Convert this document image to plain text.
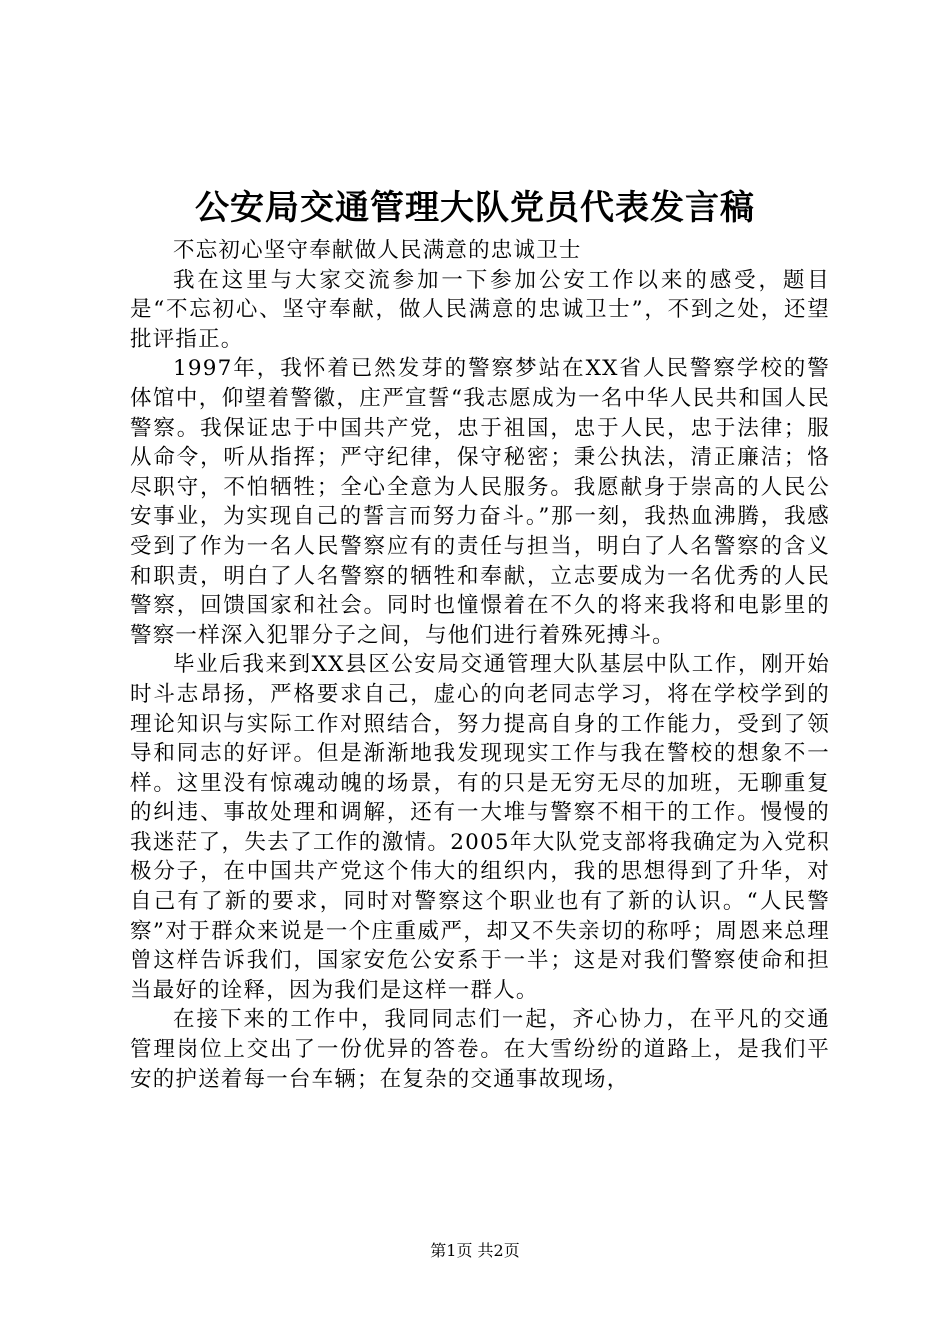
公安局交通管理大队党员代表发言稿

不忘初心坚守奉献做人民满意的忠诚卫士

我在这里与大家交流参加一下参加公安工作以来的感受，题目是“不忘初心、坚守奉献，做人民满意的忠诚卫士”，不到之处，还望批评指正。

1997年，我怀着已然发芽的警察梦站在XX省人民警察学校的警体馆中，仰望着警徽，庄严宣誓“我志愿成为一名中华人民共和国人民警察。我保证忠于中国共产党，忠于祖国，忠于人民，忠于法律；服从命令，听从指挥；严守纪律，保守秘密；秉公执法，清正廉洁；恪尽职守，不怕牺牲；全心全意为人民服务。我愿献身于崇高的人民公安事业，为实现自己的誓言而努力奋斗。”那一刻，我热血沸腾，我感受到了作为一名人民警察应有的责任与担当，明白了人名警察的含义和职责，明白了人名警察的牺牲和奉献，立志要成为一名优秀的人民警察，回馈国家和社会。同时也憧憬着在不久的将来我将和电影里的警察一样深入犯罪分子之间，与他们进行着殊死搏斗。

毕业后我来到XX县区公安局交通管理大队基层中队工作，刚开始时斗志昂扬，严格要求自己，虚心的向老同志学习，将在学校学到的理论知识与实际工作对照结合，努力提高自身的工作能力，受到了领导和同志的好评。但是渐渐地我发现现实工作与我在警校的想象不一样。这里没有惊魂动魄的场景，有的只是无穷无尽的加班，无聊重复的纠违、事故处理和调解，还有一大堆与警察不相干的工作。慢慢的我迷茫了，失去了工作的激情。2005年大队党支部将我确定为入党积极分子，在中国共产党这个伟大的组织内，我的思想得到了升华，对自己有了新的要求，同时对警察这个职业也有了新的认识。“人民警察”对于群众来说是一个庄重威严，却又不失亲切的称呼；周恩来总理曾这样告诉我们，国家安危公安系于一半；这是对我们警察使命和担当最好的诠释，因为我们是这样一群人。

在接下来的工作中，我同同志们一起，齐心协力，在平凡的交通管理岗位上交出了一份优异的答卷。在大雪纷纷的道路上，是我们平安的护送着每一台车辆；在复杂的交通事故现场，

第1页 共2页
